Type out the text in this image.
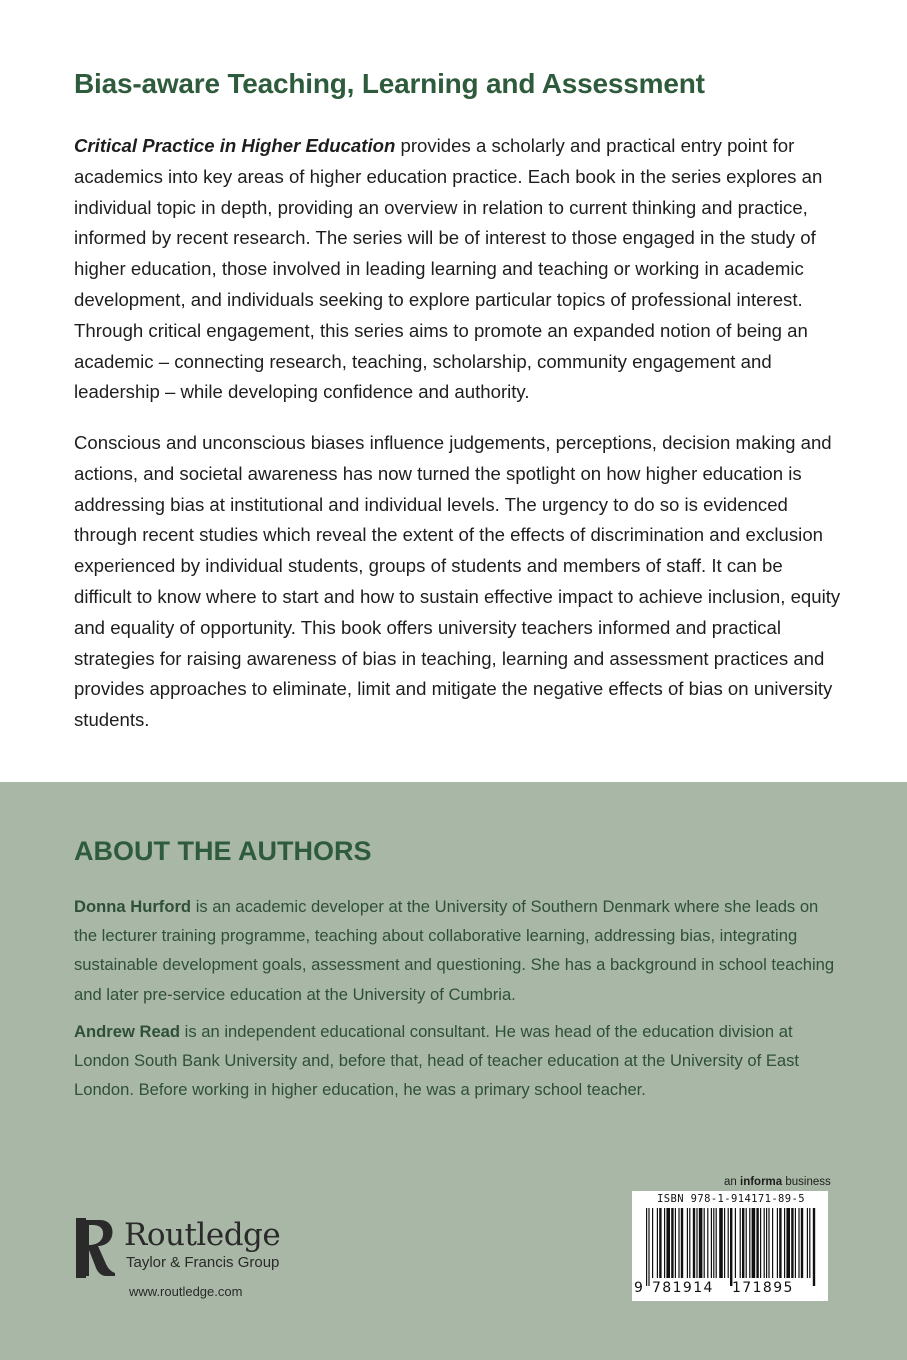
Bias-aware Teaching, Learning and Assessment

Critical Practice in Higher Education provides a scholarly and practical entry point for academics into key areas of higher education practice. Each book in the series explores an individual topic in depth, providing an overview in relation to current thinking and practice, informed by recent research. The series will be of interest to those engaged in the study of higher education, those involved in leading learning and teaching or working in academic development, and individuals seeking to explore particular topics of professional interest. Through critical engagement, this series aims to promote an expanded notion of being an academic – connecting research, teaching, scholarship, community engagement and leadership – while developing confidence and authority.

Conscious and unconscious biases influence judgements, perceptions, decision making and actions, and societal awareness has now turned the spotlight on how higher education is addressing bias at institutional and individual levels. The urgency to do so is evidenced through recent studies which reveal the extent of the effects of discrimination and exclusion experienced by individual students, groups of students and members of staff. It can be difficult to know where to start and how to sustain effective impact to achieve inclusion, equity and equality of opportunity. This book offers university teachers informed and practical strategies for raising awareness of bias in teaching, learning and assessment practices and provides approaches to eliminate, limit and mitigate the negative effects of bias on university students.

ABOUT THE AUTHORS

Donna Hurford is an academic developer at the University of Southern Denmark where she leads on the lecturer training programme, teaching about collaborative learning, addressing bias, integrating sustainable development goals, assessment and questioning. She has a background in school teaching and later pre-service education at the University of Cumbria.

Andrew Read is an independent educational consultant. He was head of the education division at London South Bank University and, before that, head of teacher education at the University of East London. Before working in higher education, he was a primary school teacher.

Routledge
Taylor & Francis Group
www.routledge.com
an informa business
ISBN 978-1-914171-89-5
9 781914 171895
